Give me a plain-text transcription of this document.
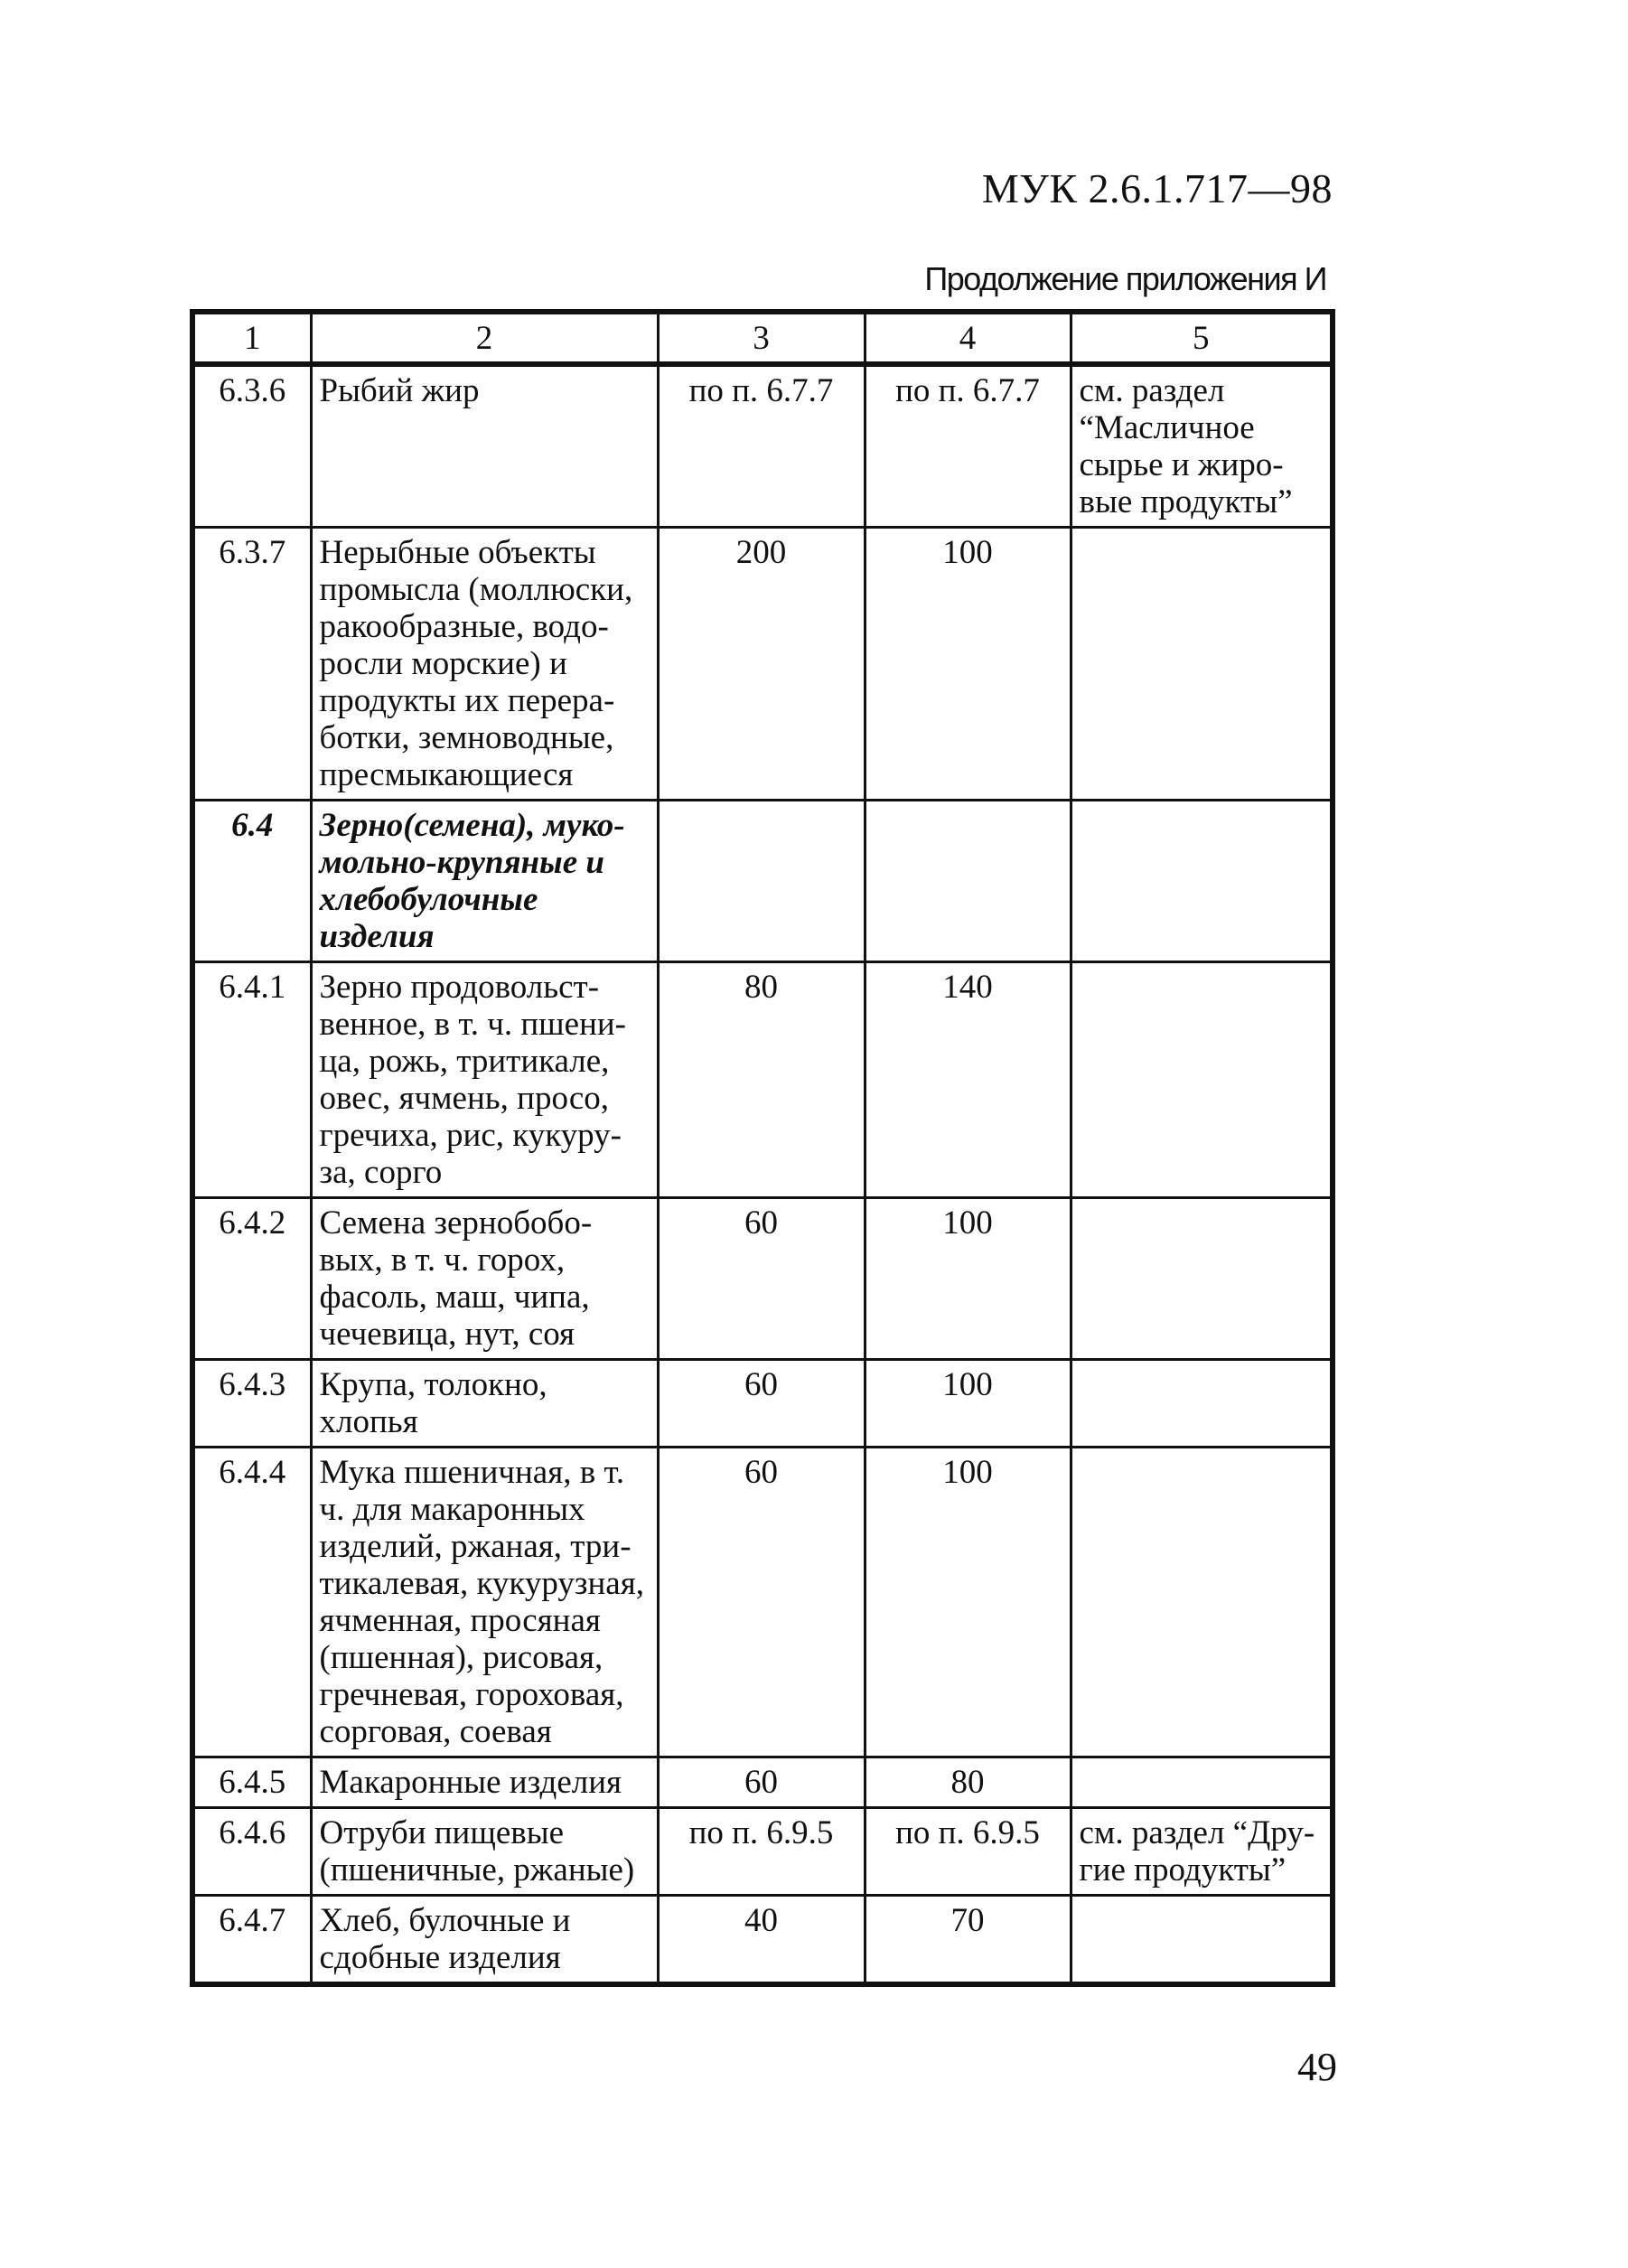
МУК 2.6.1.717—98
Продолжение приложения И
1	2	3	4	5
6.3.6	Рыбий жир	по п. 6.7.7	по п. 6.7.7	см. раздел “Масличное сырье и жиро-вые продукты”
6.3.7	Нерыбные объекты промысла (моллюски, ракообразные, водо-росли морские) и продукты их перера-ботки, земноводные, пресмыкающиеся	200	100	
6.4	Зерно(семена), муко-мольно-крупяные и хлебобулочные изделия			
6.4.1	Зерно продовольст-венное, в т. ч. пшени-ца, рожь, тритикале, овес, ячмень, просо, гречиха, рис, кукуру-за, сорго	80	140	
6.4.2	Семена зернобобо-вых, в т. ч. горох, фасоль, маш, чипа, чечевица, нут, соя	60	100	
6.4.3	Крупа, толокно, хлопья	60	100	
6.4.4	Мука пшеничная, в т. ч. для макаронных изделий, ржаная, три-тикалевая, кукурузная, ячменная, просяная (пшенная), рисовая, гречневая, гороховая, сорговая, соевая	60	100	
6.4.5	Макаронные изделия	60	80	
6.4.6	Отруби пищевые (пшеничные, ржаные)	по п. 6.9.5	по п. 6.9.5	см. раздел “Дру-гие продукты”
6.4.7	Хлеб, булочные и сдобные изделия	40	70	
49
